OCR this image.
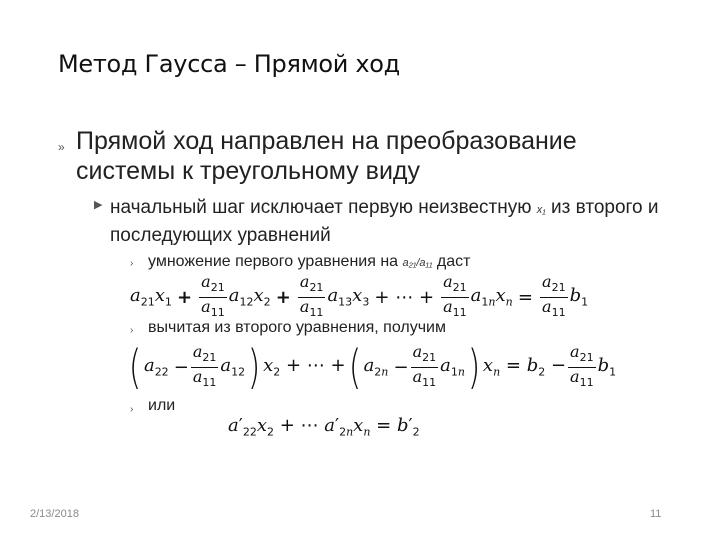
Метод Гаусса – Прямой ход
» Прямой ход направлен на преобразование системы к треугольному виду
▶ начальный шаг исключает первую неизвестную x₁ из второго и последующих уравнений
› умножение первого уравнения на a₂₁/a₁₁ даст
$a_{21}x_1$
+
$\frac{a_{21}}{a_{11}} a_{12}x_2$
+
$\frac{a_{21}}{a_{11}} a_{13}x_3$
+ ⋯ +
$\frac{a_{21}}{a_{11}} a_{1n}x_n$
=
$\frac{a_{21}}{a_{11}} b_1$
› вычитая из второго уравнения, получим
( $a_{22}$
− $\frac{a_{21}}{a_{11}} a_{12}$ ) $x_2$ + ⋯ + ( $a_{2n}$
− $\frac{a_{21}}{a_{11}} a_{1n}$ ) $x_n = b_2 - \frac{a_{21}}{a_{11}} b_1$
› или
$a'_{22}x_2$ + ⋯ $a'_{2n}x_n = b'_2$
2/13/2018	11
